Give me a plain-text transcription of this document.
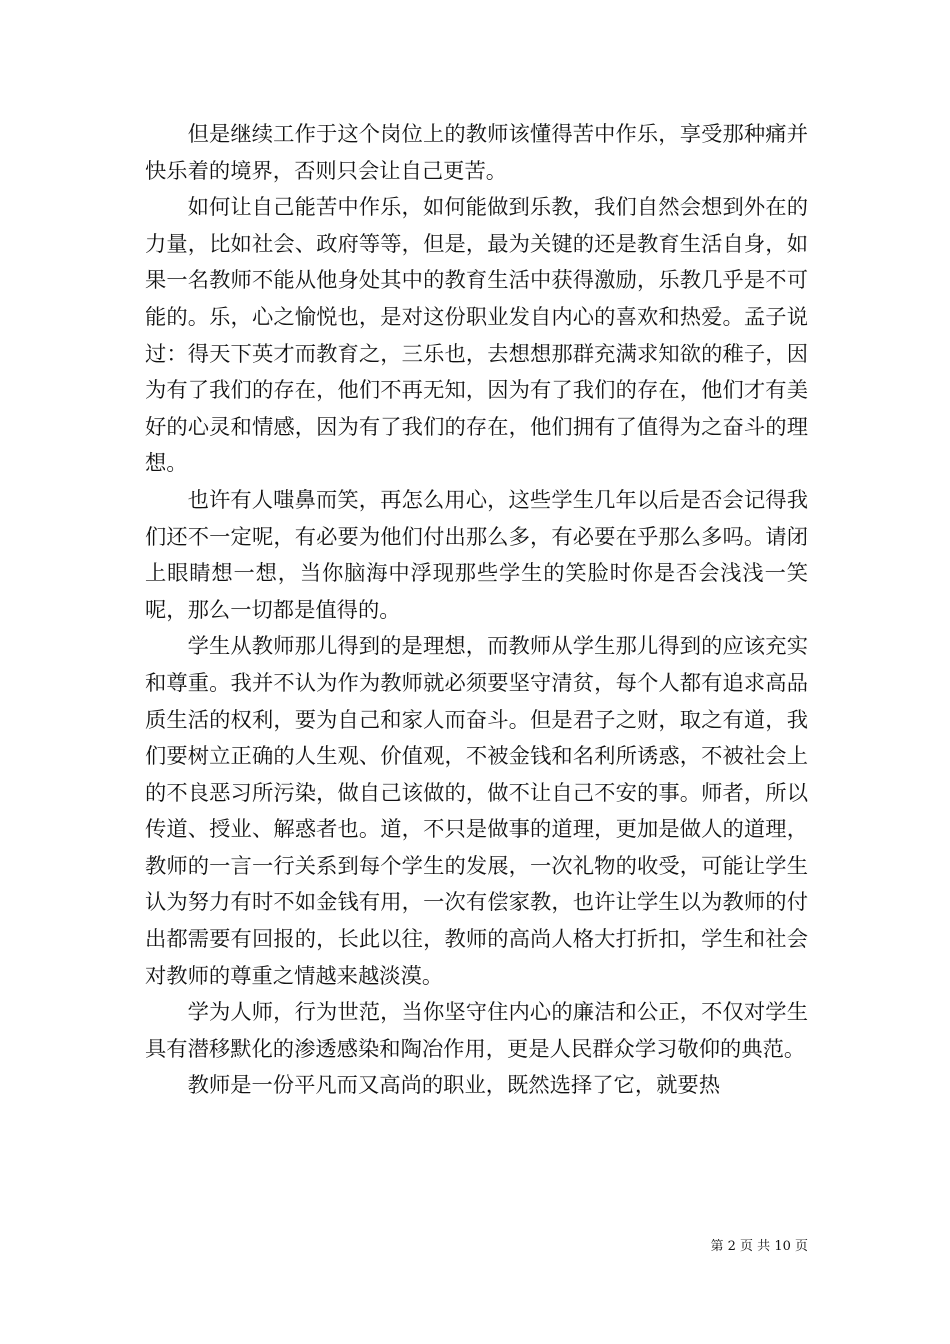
但是继续工作于这个岗位上的教师该懂得苦中作乐，享受那种痛并快乐着的境界，否则只会让自己更苦。

如何让自己能苦中作乐，如何能做到乐教，我们自然会想到外在的力量，比如社会、政府等等，但是，最为关键的还是教育生活自身，如果一名教师不能从他身处其中的教育生活中获得激励，乐教几乎是不可能的。乐，心之愉悦也，是对这份职业发自内心的喜欢和热爱。孟子说过：得天下英才而教育之，三乐也，去想想那群充满求知欲的稚子，因为有了我们的存在，他们不再无知，因为有了我们的存在，他们才有美好的心灵和情感，因为有了我们的存在，他们拥有了值得为之奋斗的理想。

也许有人嗤鼻而笑，再怎么用心，这些学生几年以后是否会记得我们还不一定呢，有必要为他们付出那么多，有必要在乎那么多吗。请闭上眼睛想一想，当你脑海中浮现那些学生的笑脸时你是否会浅浅一笑呢，那么一切都是值得的。

学生从教师那儿得到的是理想，而教师从学生那儿得到的应该充实和尊重。我并不认为作为教师就必须要坚守清贫，每个人都有追求高品质生活的权利，要为自己和家人而奋斗。但是君子之财，取之有道，我们要树立正确的人生观、价值观，不被金钱和名利所诱惑，不被社会上的不良恶习所污染，做自己该做的，做不让自己不安的事。师者，所以传道、授业、解惑者也。道，不只是做事的道理，更加是做人的道理，教师的一言一行关系到每个学生的发展，一次礼物的收受，可能让学生认为努力有时不如金钱有用，一次有偿家教，也许让学生以为教师的付出都需要有回报的，长此以往，教师的高尚人格大打折扣，学生和社会对教师的尊重之情越来越淡漠。

学为人师，行为世范，当你坚守住内心的廉洁和公正，不仅对学生具有潜移默化的渗透感染和陶冶作用，更是人民群众学习敬仰的典范。

教师是一份平凡而又高尚的职业，既然选择了它，就要热

第 2 页 共 10 页
